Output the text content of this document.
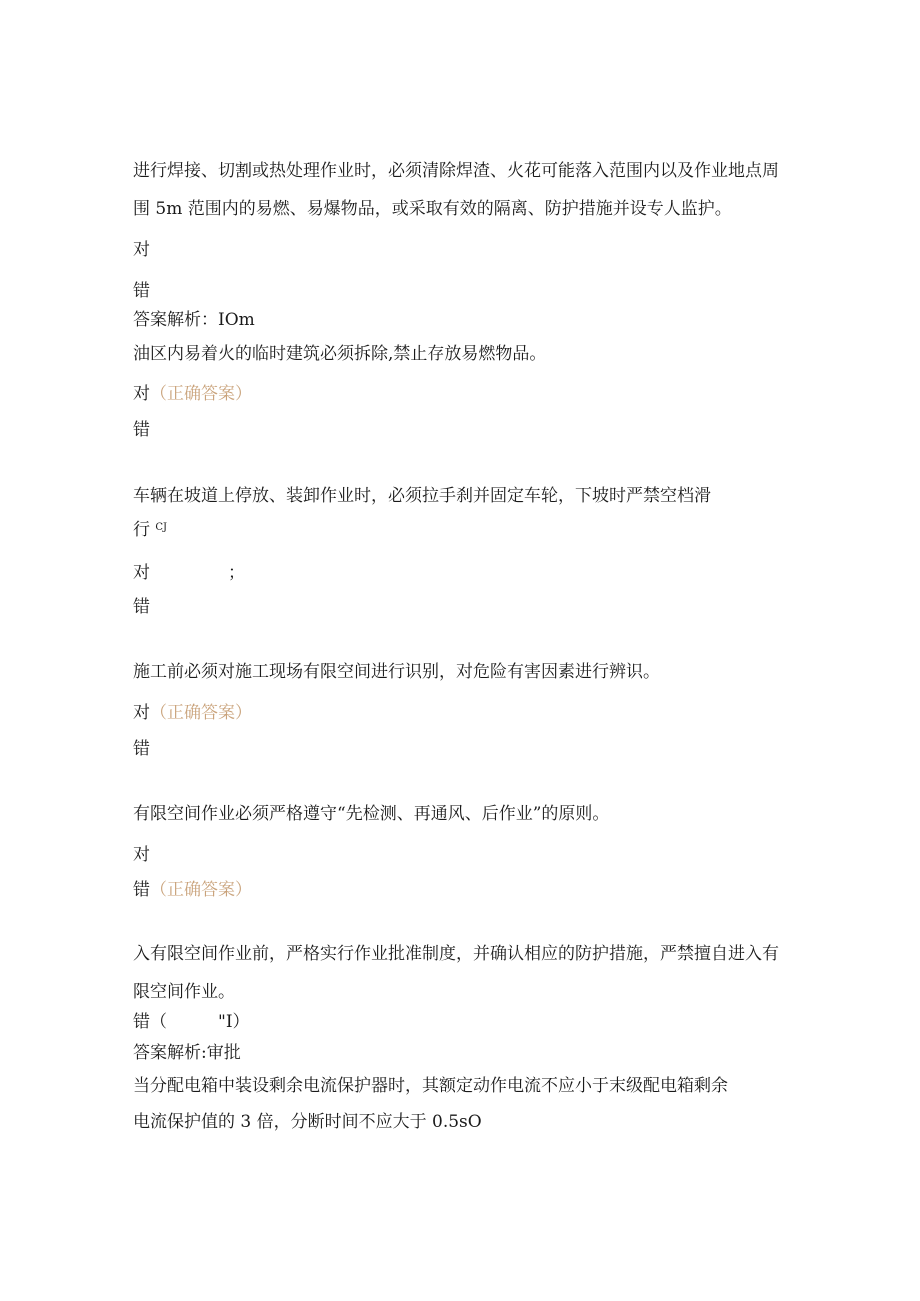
进行焊接、切割或热处理作业时，必须清除焊渣、火花可能落入范围内以及作业地点周
围 5m 范围内的易燃、易爆物品，或采取有效的隔离、防护措施并设专人监护。
对
错
答案解析：IOm
油区内易着火的临时建筑必须拆除,禁止存放易燃物品。
对（正确答案）
错
车辆在坡道上停放、装卸作业时，必须拉手刹并固定车轮，下坡时严禁空档滑
行 $^{CJ}$
对	；
错
施工前必须对施工现场有限空间进行识别，对危险有害因素进行辨识。
对（正确答案）
错
有限空间作业必须严格遵守“先检测、再通风、后作业”的原则。
对
错（正确答案）
入有限空间作业前，严格实行作业批准制度，并确认相应的防护措施，严禁擅自进入有
限空间作业。
错（　　　"I）
答案解析:审批
当分配电箱中装设剩余电流保护器时，其额定动作电流不应小于末级配电箱剩余
电流保护值的 3 倍，分断时间不应大于 0.5sO
